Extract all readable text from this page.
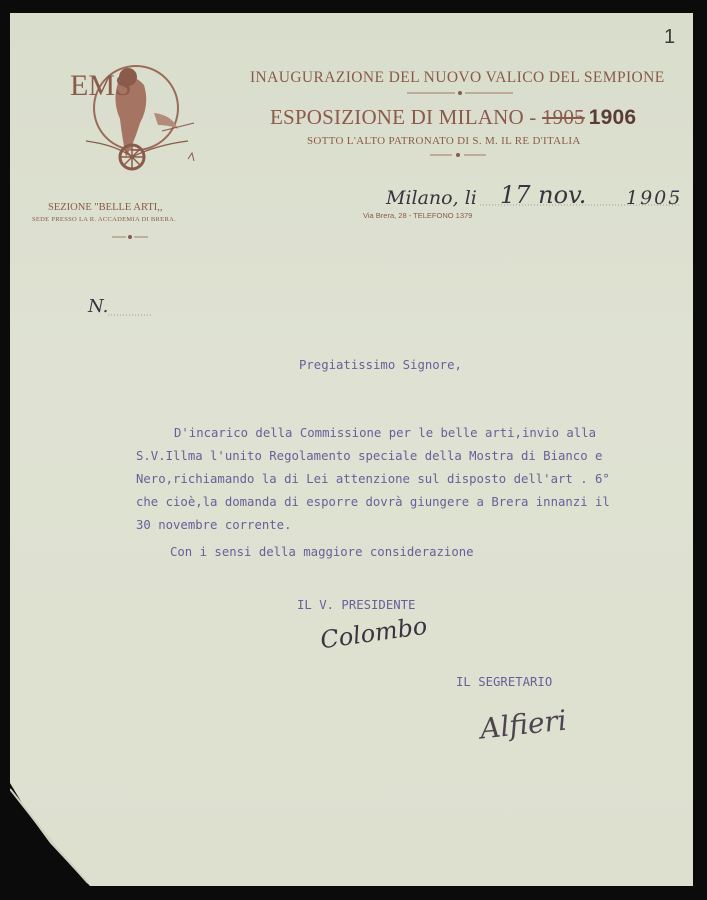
EMS
SEZIONE "BELLE ARTI,,
SEDE PRESSO LA R. ACCADEMIA DI BRERA.
INAUGURAZIONE DEL NUOVO VALICO DEL SEMPIONE
ESPOSIZIONE DI MILANO - 1905 1906
SOTTO L'ALTO PATRONATO DI S. M. IL RE D'ITALIA
Milano, li 17 nov. 1905
Via Brera, 28 - TELEFONO 1379
1
N.
Pregiatissimo Signore,
D'incarico della Commissione per le belle arti,invio alla
S.V.Illma l'unito Regolamento speciale della Mostra di Bianco e
Nero,richiamando la di Lei attenzione sul disposto dell'art . 6°
che cioè,la domanda di esporre dovrà giungere a Brera innanzi il
30 novembre corrente.
Con i sensi della maggiore considerazione
IL V. PRESIDENTE
Colombo
IL SEGRETARIO
Alfieri
